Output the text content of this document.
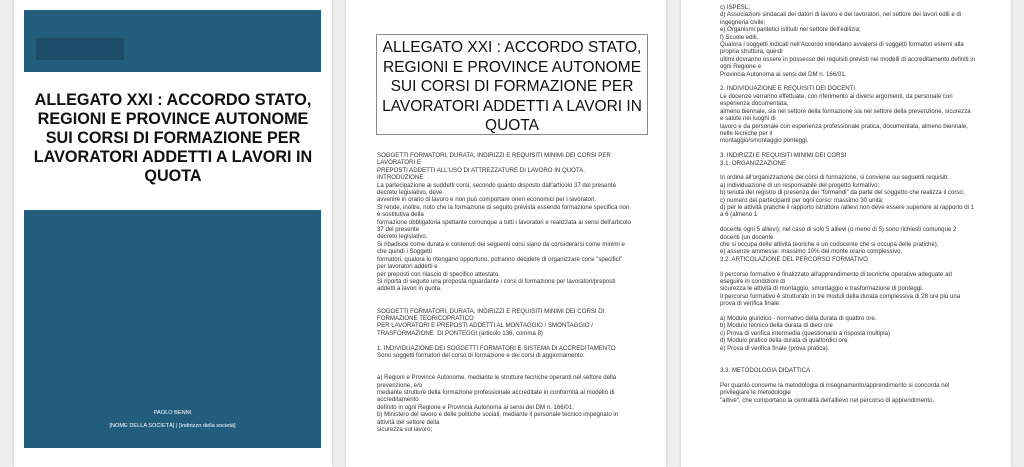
ALLEGATO XXI : ACCORDO STATO, REGIONI E PROVINCE AUTONOME SUI CORSI DI FORMAZIONE PER LAVORATORI ADDETTI A LAVORI IN QUOTA
PAOLO BENNI
[NOME DELLA SOCIETÀ] | [Indirizzo della società]
ALLEGATO XXI : ACCORDO STATO, REGIONI E PROVINCE AUTONOME SUI CORSI DI FORMAZIONE PER LAVORATORI ADDETTI A LAVORI IN QUOTA
SOGGETTI FORMATORI, DURATA, INDIRIZZI E REQUISITI MINIMI DEI CORSI PER
LAVORATORI E
PREPOSTI ADDETTI ALL'USO DI ATTREZZATURE DI LAVORO IN QUOTA.
INTRODUZIONE
La partecipazione ai suddetti corsi, secondo quanto disposto dall'articolo 37 del presente
decreto legislativo, deve
avvenire in orario di lavoro e non può comportare oneri economici per i lavoratori.
Si rende, inoltre, noto che la formazione di seguito prevista essendo formazione specifica non
è sostitutiva della
formazione obbligatoria spettante comunque a tutti i lavoratori e realizzata ai sensi dell'articolo
37 del presente
decreto legislativo.
Si ribadisce come durata e contenuti dei seguenti corsi siano da considerarsi come minimi e
che quindi i Soggetti
formatori, qualora lo ritengano opportuno, potranno decidere di organizzare corsi "specifici"
per lavoratori addetti e
per preposti con rilascio di specifico attestato.
Si riporta di seguito una proposta riguardante i corsi di formazione per lavoratori/preposti
addetti a lavori in quota.

SOGGETTI FORMATORI, DURATA, INDIRIZZI E REQUISITI MINIMI DEI CORSI DI
FORMAZIONE TEORICOPRATICO
PER LAVORATORI E PREPOSTI ADDETTI AL MONTAGGIO / SMONTAGGIO /
TRASFORMAZIONE  DI PONTEGGI (articolo 136, comma 8)

1. INDIVIDUAZIONE DEI SOGGETTI FORMATORI E SISTEMA DI ACCREDITAMENTO
Sono soggetti formatori del corso di formazione e dei corsi di aggiornamento:

a) Regioni e Province Autonome, mediante le strutture tecniche operanti nel settore della
prevenzione, e/o
mediante strutture della formazione professionale accreditate in conformità al modello di
accreditamento
definito in ogni Regione e Provincia Autonoma ai sensi del DM n. 166/01;
b) Ministero del lavoro e delle politiche sociali, mediante il personale tecnico impegnato in
attività del settore della
sicurezza sul lavoro;
c) ISPESL;
d) Associazioni sindacali dei datori di lavoro e dei lavoratori, nel settore dei lavori edili e di
ingegneria civile;
e) Organismi paritetici istituiti nel settore dell'edilizia;
f) Scuole edili.
Qualora i soggetti indicati nell'Accordo intendano avvalersi di soggetti formatori esterni alla
propria struttura, questi
ultimi dovranno essere in possesso dei requisiti previsti nei modelli di accreditamento definiti in
ogni Regione e
Provincia Autonoma ai sensi del DM n. 166/01.

2. INDIVIDUAZIONE E REQUISITI DEI DOCENTI
Le docenze verranno effettuate, con riferimento ai diversi argomenti, da personale con
esperienza documentata,
almeno biennale, sia nel settore della formazione sia nel settore della prevenzione, sicurezza
e salute nei luoghi di
lavoro e da personale con esperienza professionale pratica, documentata, almeno biennale,
nelle tecniche per il
montaggio/smontaggio ponteggi.

3. INDIRIZZI E REQUISITI MINIMI DEI CORSI
3.1. ORGANIZZAZIONE

In ordine all'organizzazione dei corsi di formazione, si conviene sui seguenti requisiti:
a) individuazione di un responsabile del progetto formativo;
b) tenuta del registro di presenza dei "formandi" da parte del soggetto che realizza il corso;
c) numero dei partecipanti per ogni corso: massimo 30 unità;
d) per le attività pratiche il rapporto istruttore /allievi non deve essere superiore al rapporto di 1
a 6 (almeno 1

docente ogni 5 allievi); nel caso di solo 5 allievi (o meno di 5) sono richiesti comunque 2
docenti (un docente
che si occupa delle attività teoriche e un codocente che si occupa delle pratiche);
e) assenze ammesse: massimo 10% del monte orario complessivo.
3.2. ARTICOLAZIONE DEL PERCORSO FORMATIVO

Il percorso formativo è finalizzato all'apprendimento di tecniche operative adeguate ad
eseguire in condizioni di
sicurezza le attività di montaggio, smontaggio e trasformazione di ponteggi.
Il percorso formativo è strutturato in tre moduli della durata complessiva di 28 ore più una
prova di verifica finale:

a) Modulo giuridico - normativo della durata di quattro ore.
b) Modulo tecnico della durata di dieci ore
c) Prova di verifica intermedia (questionario a risposta multipla)
d) Modulo pratico della durata di quattordici ore
e) Prova di verifica finale (prova pratica).

3.3. METODOLOGIA DIDATTICA

Per quanto concerne la metodologia di insegnamento/apprendimento si concorda nel
privilegiare le metodologie
"attive", che comportano la centralità dell'allievo nel percorso di apprendimento.
